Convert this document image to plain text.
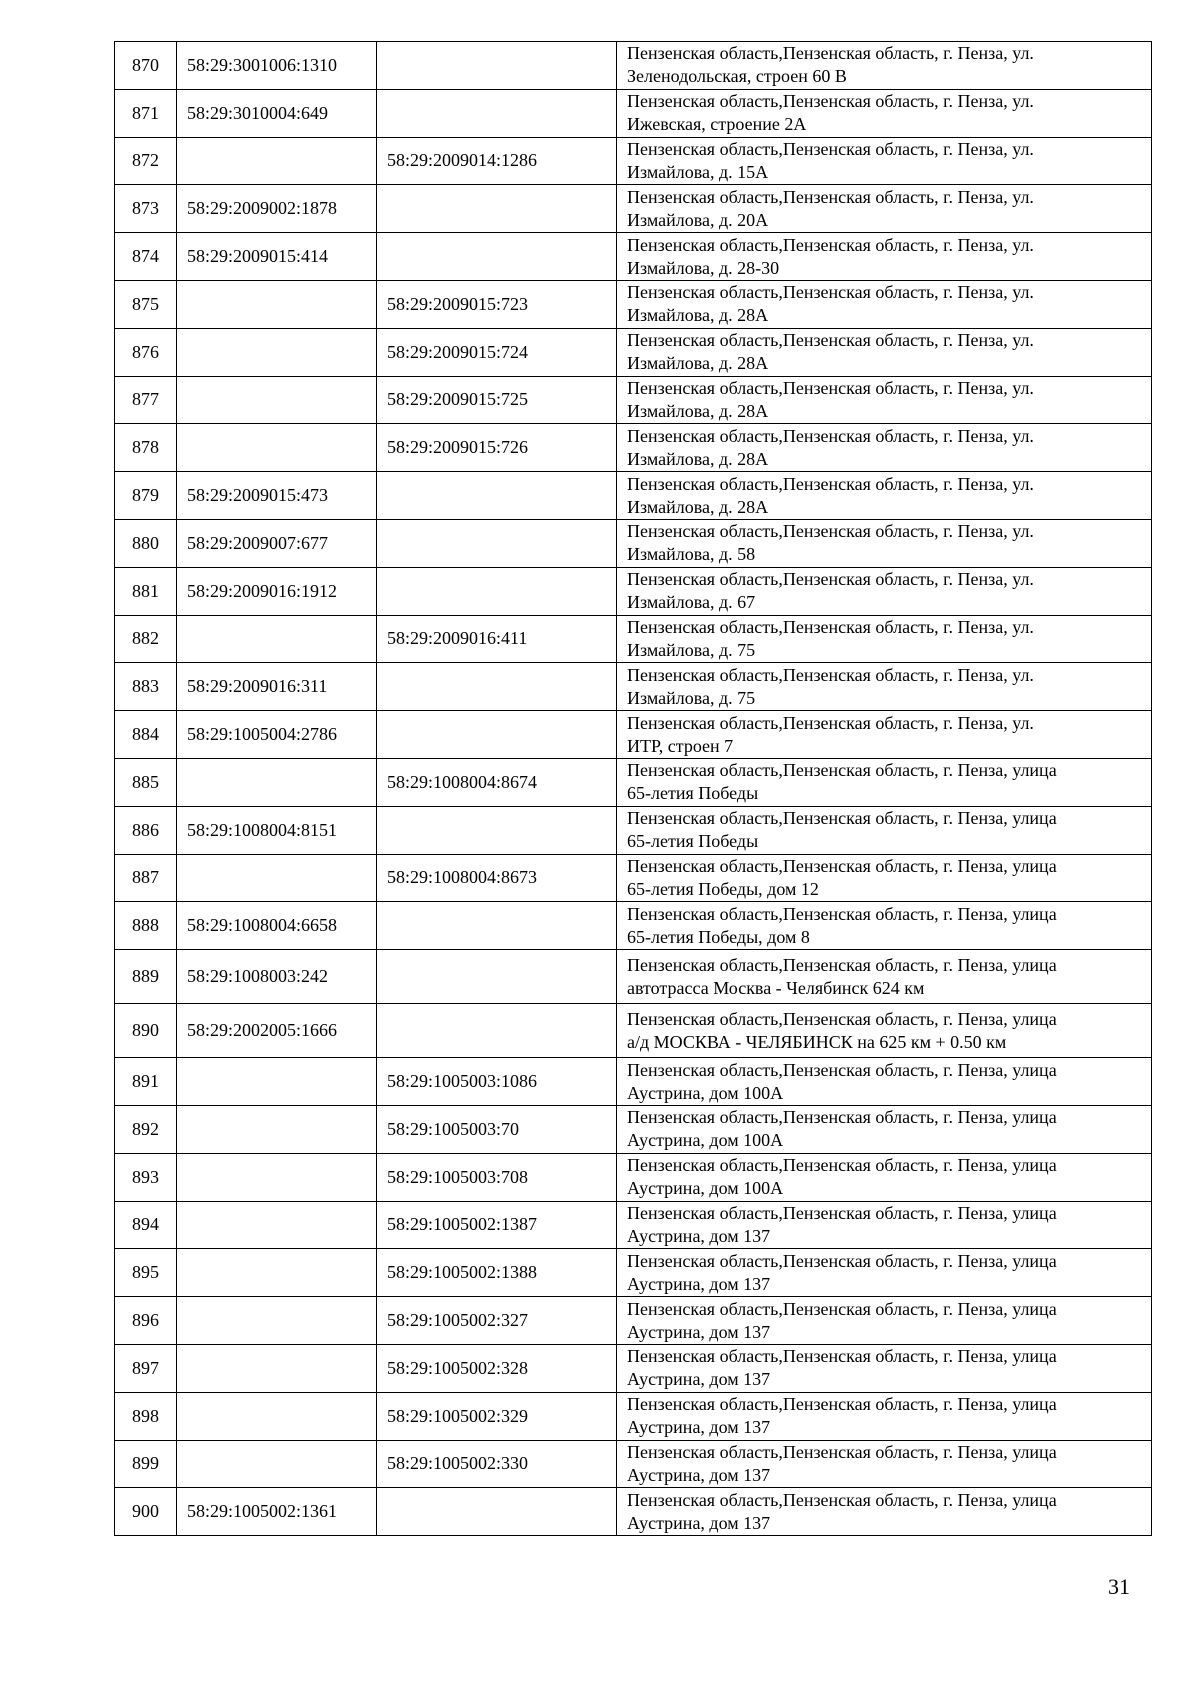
870	58:29:3001006:1310		Пензенская область,Пензенская область, г. Пенза, ул.
Зеленодольская, строен 60 В

871	58:29:3010004:649		Пензенская область,Пензенская область, г. Пенза, ул.
Ижевская, строение 2А

872		58:29:2009014:1286	Пензенская область,Пензенская область, г. Пенза, ул.
Измайлова, д. 15А

873	58:29:2009002:1878		Пензенская область,Пензенская область, г. Пенза, ул.
Измайлова, д. 20А

874	58:29:2009015:414		Пензенская область,Пензенская область, г. Пенза, ул.
Измайлова, д. 28-30

875		58:29:2009015:723	Пензенская область,Пензенская область, г. Пенза, ул.
Измайлова, д. 28А

876		58:29:2009015:724	Пензенская область,Пензенская область, г. Пенза, ул.
Измайлова, д. 28А

877		58:29:2009015:725	Пензенская область,Пензенская область, г. Пенза, ул.
Измайлова, д. 28А

878		58:29:2009015:726	Пензенская область,Пензенская область, г. Пенза, ул.
Измайлова, д. 28А

879	58:29:2009015:473		Пензенская область,Пензенская область, г. Пенза, ул.
Измайлова, д. 28А

880	58:29:2009007:677		Пензенская область,Пензенская область, г. Пенза, ул.
Измайлова, д. 58

881	58:29:2009016:1912		Пензенская область,Пензенская область, г. Пенза, ул.
Измайлова, д. 67

882		58:29:2009016:411	Пензенская область,Пензенская область, г. Пенза, ул.
Измайлова, д. 75

883	58:29:2009016:311		Пензенская область,Пензенская область, г. Пенза, ул.
Измайлова, д. 75

884	58:29:1005004:2786		Пензенская область,Пензенская область, г. Пенза, ул.
ИТР, строен 7

885		58:29:1008004:8674	Пензенская область,Пензенская область, г. Пенза, улица
65-летия Победы

886	58:29:1008004:8151		Пензенская область,Пензенская область, г. Пенза, улица
65-летия Победы

887		58:29:1008004:8673	Пензенская область,Пензенская область, г. Пенза, улица
65-летия Победы, дом 12

888	58:29:1008004:6658		Пензенская область,Пензенская область, г. Пенза, улица
65-летия Победы, дом 8

889	58:29:1008003:242		Пензенская область,Пензенская область, г. Пенза, улица
автотрасса Москва - Челябинск 624 км

890	58:29:2002005:1666		Пензенская область,Пензенская область, г. Пенза, улица
а/д МОСКВА - ЧЕЛЯБИНСК на 625 км + 0.50 км

891		58:29:1005003:1086	Пензенская область,Пензенская область, г. Пенза, улица
Аустрина, дом 100А

892		58:29:1005003:70	Пензенская область,Пензенская область, г. Пенза, улица
Аустрина, дом 100А

893		58:29:1005003:708	Пензенская область,Пензенская область, г. Пенза, улица
Аустрина, дом 100А

894		58:29:1005002:1387	Пензенская область,Пензенская область, г. Пенза, улица
Аустрина, дом 137

895		58:29:1005002:1388	Пензенская область,Пензенская область, г. Пенза, улица
Аустрина, дом 137

896		58:29:1005002:327	Пензенская область,Пензенская область, г. Пенза, улица
Аустрина, дом 137

897		58:29:1005002:328	Пензенская область,Пензенская область, г. Пенза, улица
Аустрина, дом 137

898		58:29:1005002:329	Пензенская область,Пензенская область, г. Пенза, улица
Аустрина, дом 137

899		58:29:1005002:330	Пензенская область,Пензенская область, г. Пенза, улица
Аустрина, дом 137

900	58:29:1005002:1361		Пензенская область,Пензенская область, г. Пенза, улица
Аустрина, дом 137
31
